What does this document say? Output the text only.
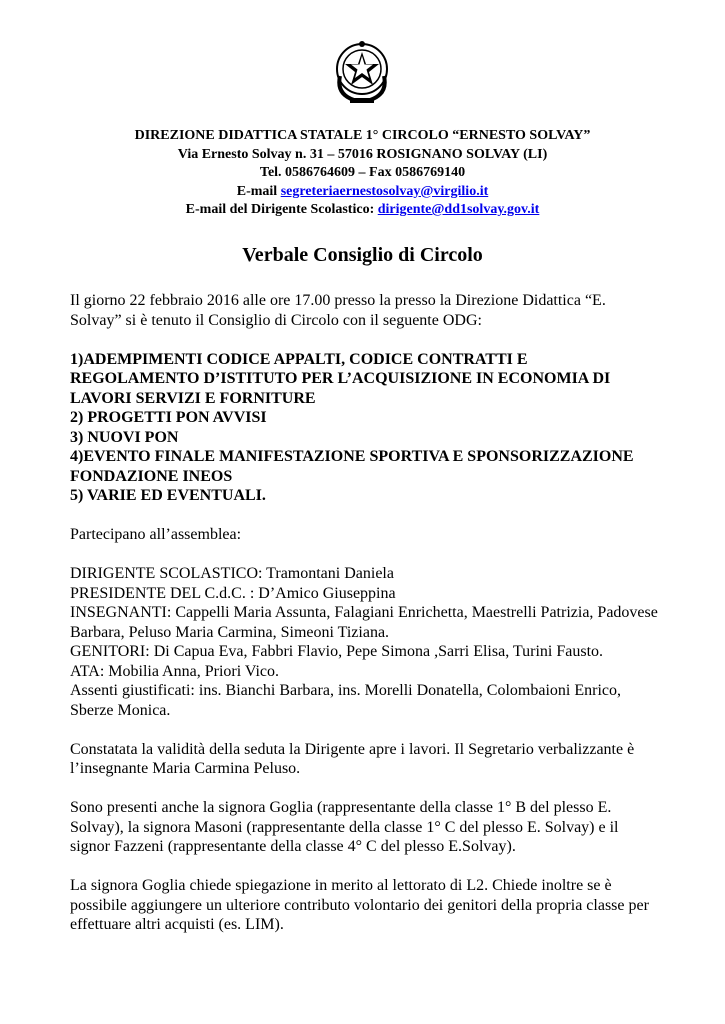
DIREZIONE DIDATTICA STATALE 1° CIRCOLO “ERNESTO SOLVAY”
Via Ernesto Solvay n. 31 – 57016 ROSIGNANO SOLVAY (LI)
Tel. 0586764609 – Fax 0586769140
E-mail segreteriaernestosolvay@virgilio.it
E-mail del Dirigente Scolastico: dirigente@dd1solvay.gov.it
Verbale Consiglio di Circolo

Il giorno 22 febbraio 2016 alle ore 17.00 presso la presso la Direzione Didattica “E. Solvay” si è tenuto il Consiglio di Circolo con il seguente ODG:

1)ADEMPIMENTI CODICE APPALTI, CODICE CONTRATTI E REGOLAMENTO D’ISTITUTO PER L’ACQUISIZIONE IN ECONOMIA DI LAVORI SERVIZI E FORNITURE

2) PROGETTI PON AVVISI

3) NUOVI PON

4)EVENTO FINALE MANIFESTAZIONE SPORTIVA E SPONSORIZZAZIONE FONDAZIONE INEOS

5) VARIE ED EVENTUALI.

Partecipano all’assemblea:

DIRIGENTE SCOLASTICO: Tramontani Daniela

PRESIDENTE DEL C.d.C. : D’Amico Giuseppina

INSEGNANTI: Cappelli Maria Assunta, Falagiani Enrichetta, Maestrelli Patrizia, Padovese Barbara, Peluso Maria Carmina, Simeoni Tiziana.

GENITORI: Di Capua Eva, Fabbri Flavio, Pepe Simona ,Sarri Elisa, Turini Fausto.

ATA: Mobilia Anna, Priori Vico.

Assenti giustificati: ins. Bianchi Barbara, ins. Morelli Donatella, Colombaioni Enrico, Sberze Monica.

Constatata la validità della seduta la Dirigente apre i lavori. Il Segretario verbalizzante è l’insegnante Maria Carmina Peluso.

Sono presenti anche la signora Goglia (rappresentante della classe 1° B del plesso E. Solvay), la signora Masoni (rappresentante della classe 1° C del plesso E. Solvay) e il signor Fazzeni (rappresentante della classe 4° C del plesso E.Solvay).

La signora Goglia chiede spiegazione in merito al lettorato di L2. Chiede inoltre se è possibile aggiungere un ulteriore contributo volontario dei genitori della propria classe per effettuare altri acquisti (es. LIM).
